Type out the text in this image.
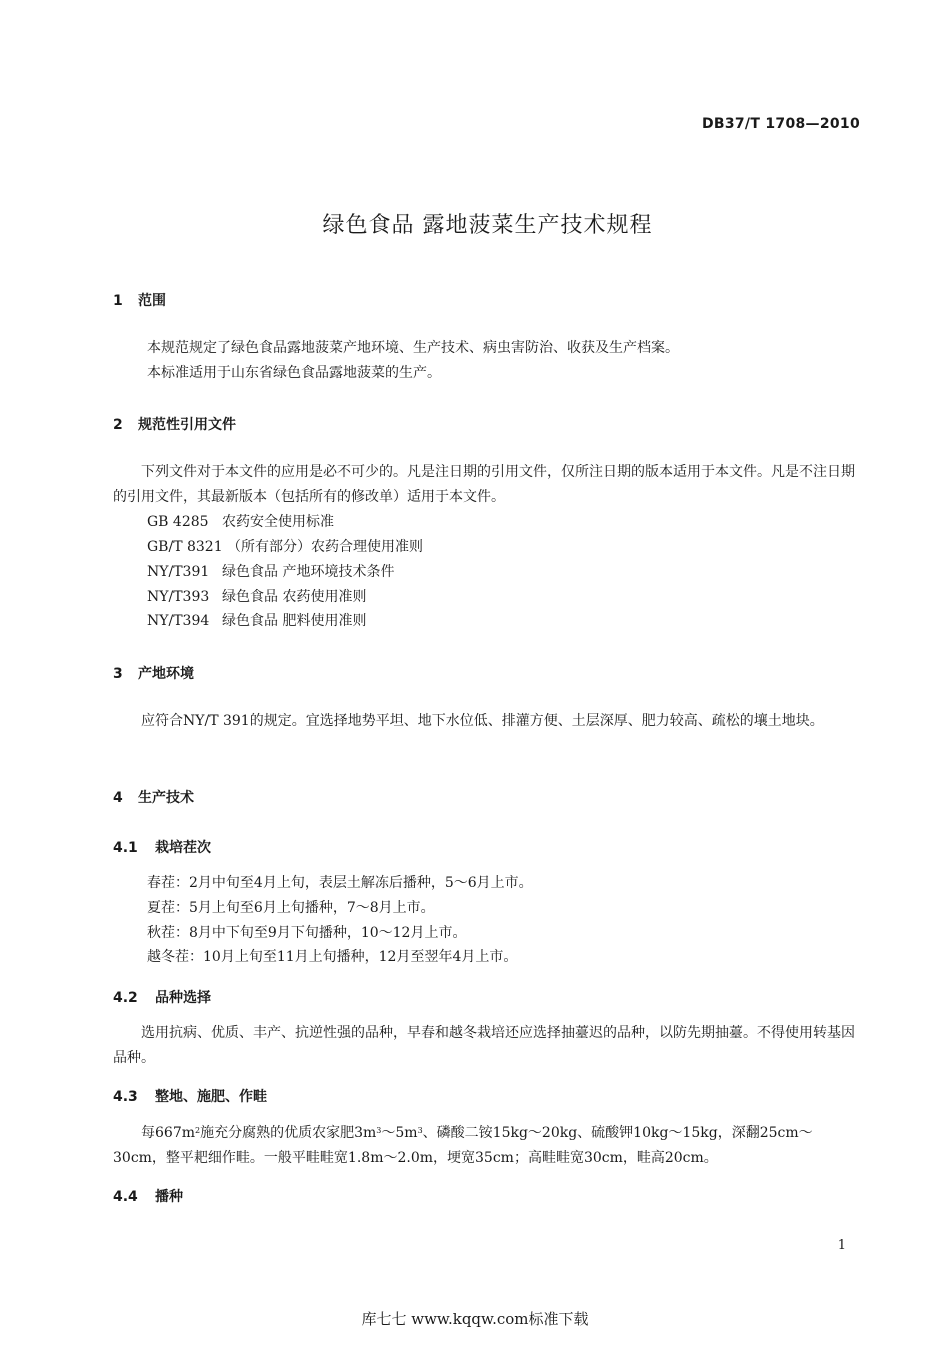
DB37/T 1708—2010
绿色食品 露地菠菜生产技术规程
1 范围
本规范规定了绿色食品露地菠菜产地环境、生产技术、病虫害防治、收获及生产档案。
本标准适用于山东省绿色食品露地菠菜的生产。
2 规范性引用文件
下列文件对于本文件的应用是必不可少的。凡是注日期的引用文件，仅所注日期的版本适用于本文件。凡是不注日期的引用文件，其最新版本（包括所有的修改单）适用于本文件。
GB 4285 农药安全使用标准
GB/T 8321 （所有部分）农药合理使用准则
NY/T391 绿色食品 产地环境技术条件
NY/T393 绿色食品 农药使用准则
NY/T394 绿色食品 肥料使用准则
3 产地环境
应符合NY/T 391的规定。宜选择地势平坦、地下水位低、排灌方便、土层深厚、肥力较高、疏松的壤土地块。
4 生产技术
4.1 栽培茬次
春茬：2月中旬至4月上旬，表层土解冻后播种，5～6月上市。
夏茬：5月上旬至6月上旬播种，7～8月上市。
秋茬：8月中下旬至9月下旬播种，10～12月上市。
越冬茬：10月上旬至11月上旬播种，12月至翌年4月上市。
4.2 品种选择
选用抗病、优质、丰产、抗逆性强的品种，早春和越冬栽培还应选择抽薹迟的品种，以防先期抽薹。不得使用转基因品种。
4.3 整地、施肥、作畦
每$667m^2$施充分腐熟的优质农家肥$3m^3\sim 5m^3$、磷酸二铵15kg～20kg、硫酸钾10kg～15kg，深翻25cm～30cm，整平耙细作畦。一般平畦畦宽1.8m～2.0m，埂宽35cm；高畦畦宽30cm，畦高20cm。
4.4 播种
1
库七七 www.kqqw.com标准下载
